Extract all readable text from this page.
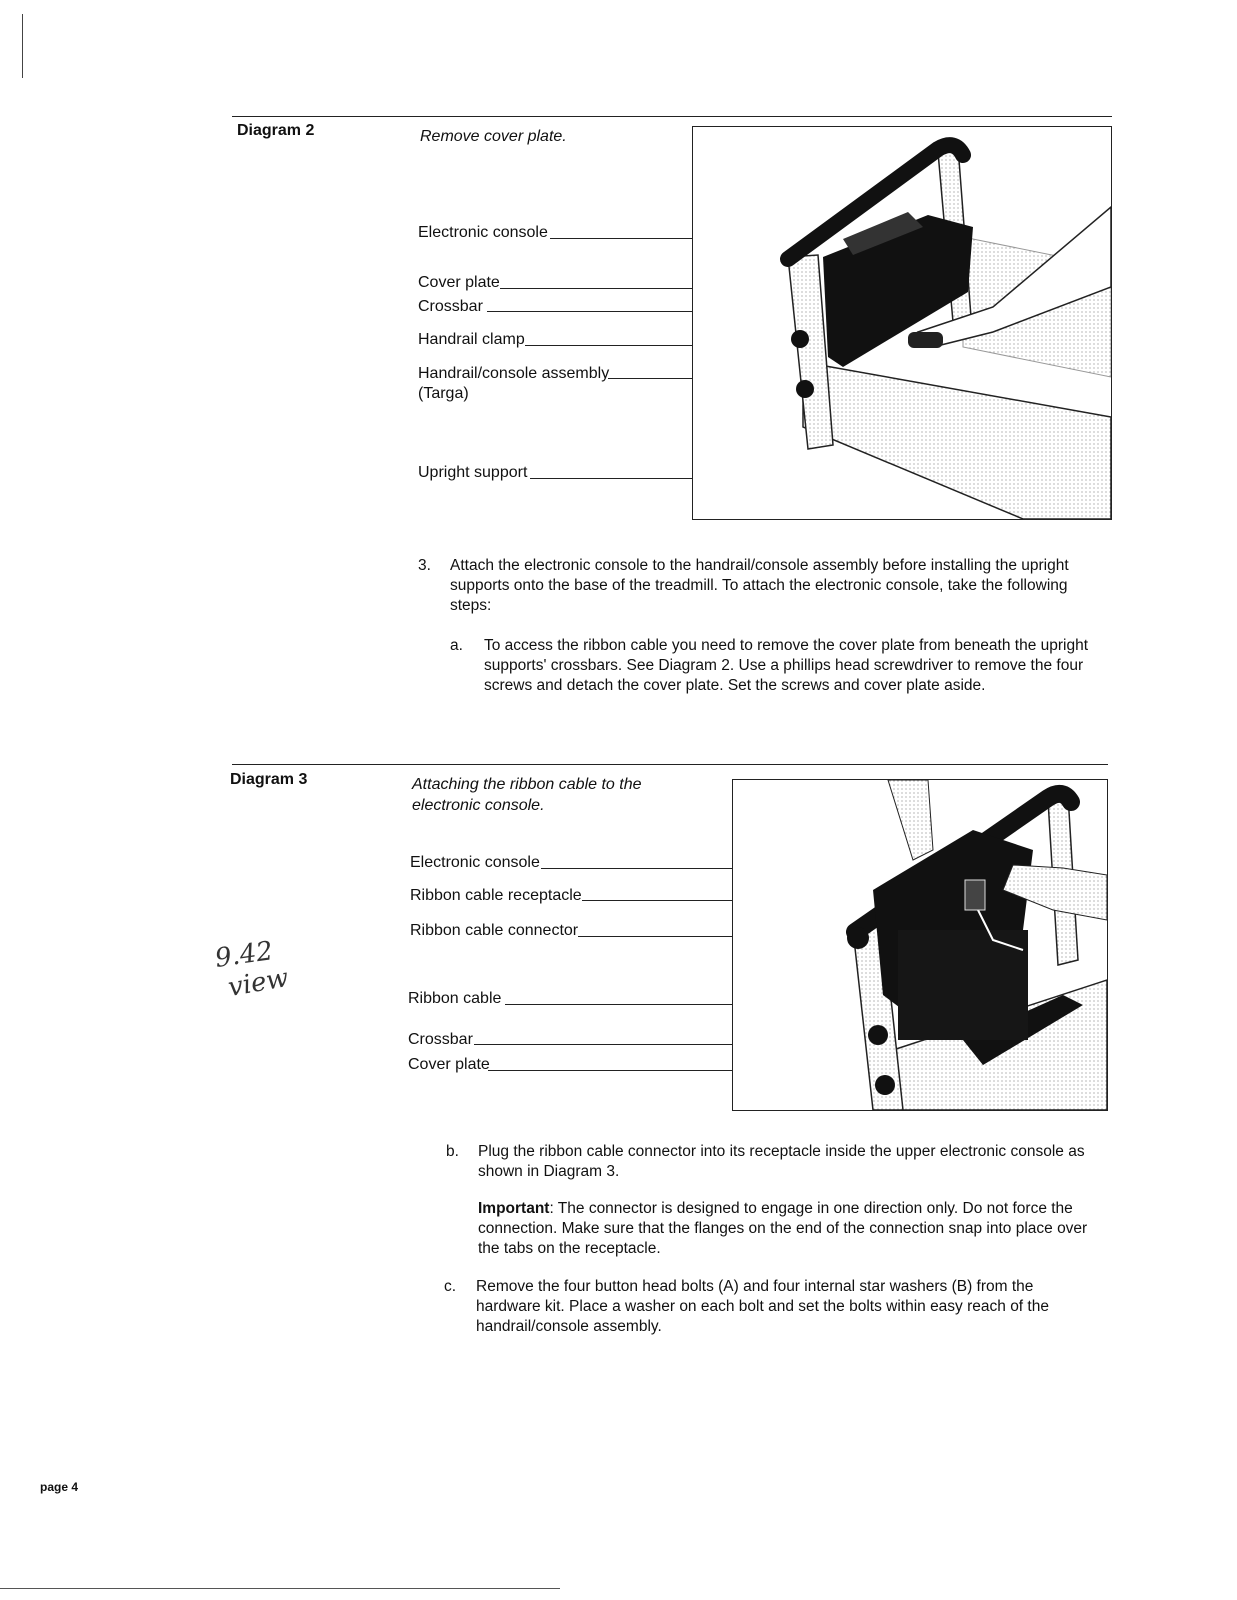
Diagram 2	Remove cover plate.
Electronic console
Cover plate
Crossbar
Handrail clamp
Handrail/console assembly
(Targa)
Upright support
3. Attach the electronic console to the handrail/console assembly before installing the upright supports onto the base of the treadmill. To attach the electronic console, take the following steps:
a. To access the ribbon cable you need to remove the cover plate from beneath the upright supports' crossbars. See Diagram 2. Use a phillips head screwdriver to remove the four screws and detach the cover plate. Set the screws and cover plate aside.
Diagram 3	Attaching the ribbon cable to the electronic console.
Electronic console
Ribbon cable receptacle
Ribbon cable connector
Ribbon cable
Crossbar
Cover plate
9.42
view
b. Plug the ribbon cable connector into its receptacle inside the upper electronic console as shown in Diagram 3.
Important: The connector is designed to engage in one direction only. Do not force the connection. Make sure that the flanges on the end of the connection snap into place over the tabs on the receptacle.
c. Remove the four button head bolts (A) and four internal star washers (B) from the hardware kit. Place a washer on each bolt and set the bolts within easy reach of the handrail/console assembly.
page 4
